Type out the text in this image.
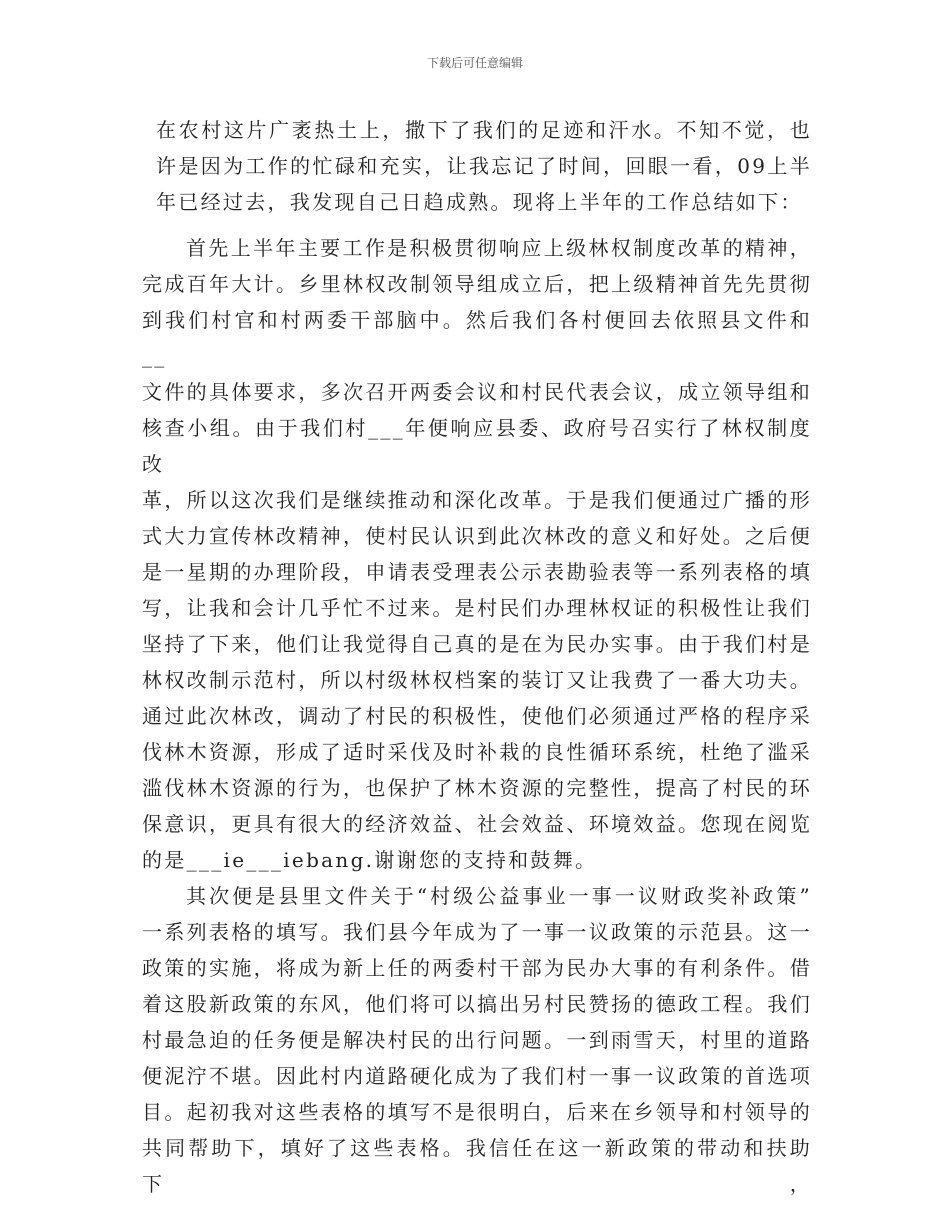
下载后可任意编辑
在农村这片广袤热土上，撒下了我们的足迹和汗水。不知不觉，也
许是因为工作的忙碌和充实，让我忘记了时间，回眼一看，09上半
年已经过去，我发现自己日趋成熟。现将上半年的工作总结如下：
首先上半年主要工作是积极贯彻响应上级林权制度改革的精神，
完成百年大计。乡里林权改制领导组成立后，把上级精神首先先贯彻
到我们村官和村两委干部脑中。然后我们各村便回去依照县文件和__
文件的具体要求，多次召开两委会议和村民代表会议，成立领导组和
核查小组。由于我们村___年便响应县委、政府号召实行了林权制度改
革，所以这次我们是继续推动和深化改革。于是我们便通过广播的形
式大力宣传林改精神，使村民认识到此次林改的意义和好处。之后便
是一星期的办理阶段，申请表受理表公示表勘验表等一系列表格的填
写，让我和会计几乎忙不过来。是村民们办理林权证的积极性让我们
坚持了下来，他们让我觉得自己真的是在为民办实事。由于我们村是
林权改制示范村，所以村级林权档案的装订又让我费了一番大功夫。
通过此次林改，调动了村民的积极性，使他们必须通过严格的程序采
伐林木资源，形成了适时采伐及时补栽的良性循环系统，杜绝了滥采
滥伐林木资源的行为，也保护了林木资源的完整性，提高了村民的环
保意识，更具有很大的经济效益、社会效益、环境效益。您现在阅览
的是___ie___iebang.谢谢您的支持和鼓舞。
其次便是县里文件关于“村级公益事业一事一议财政奖补政策”
一系列表格的填写。我们县今年成为了一事一议政策的示范县。这一
政策的实施，将成为新上任的两委村干部为民办大事的有利条件。借
着这股新政策的东风，他们将可以搞出另村民赞扬的德政工程。我们
村最急迫的任务便是解决村民的出行问题。一到雨雪天，村里的道路
便泥泞不堪。因此村内道路硬化成为了我们村一事一议政策的首选项
目。起初我对这些表格的填写不是很明白，后来在乡领导和村领导的
共同帮助下，填好了这些表格。我信任在这一新政策的带动和扶助下，
